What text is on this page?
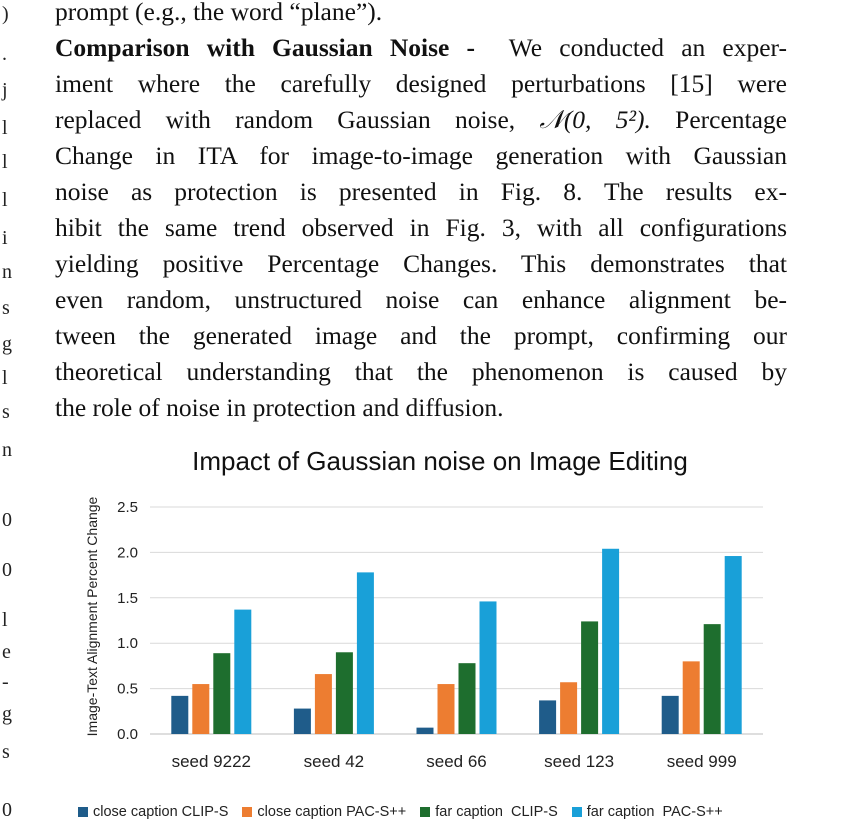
)
.
j
l
l
l
i
n
s
g
l
s
n
0
0
l
e
-
g
s
0
prompt (e.g., the word “plane”).
Comparison with Gaussian Noise - We conducted an exper-
iment where the carefully designed perturbations [15] were
replaced with random Gaussian noise, 𝒩(0, 5²). Percentage
Change in ITA for image-to-image generation with Gaussian
noise as protection is presented in Fig. 8. The results ex-
hibit the same trend observed in Fig. 3, with all configurations
yielding positive Percentage Changes. This demonstrates that
even random, unstructured noise can enhance alignment be-
tween the generated image and the prompt, confirming our
theoretical understanding that the phenomenon is caused by
the role of noise in protection and diffusion.
Impact of Gaussian noise on Image Editing
0.0
0.5
1.0
1.5
2.0
2.5
Image-Text Alignment Percent Change
seed 9222	seed 42	seed 66	seed 123	seed 999
close caption CLIP-S close caption PAC-S++ far caption  CLIP-S far caption  PAC-S++
